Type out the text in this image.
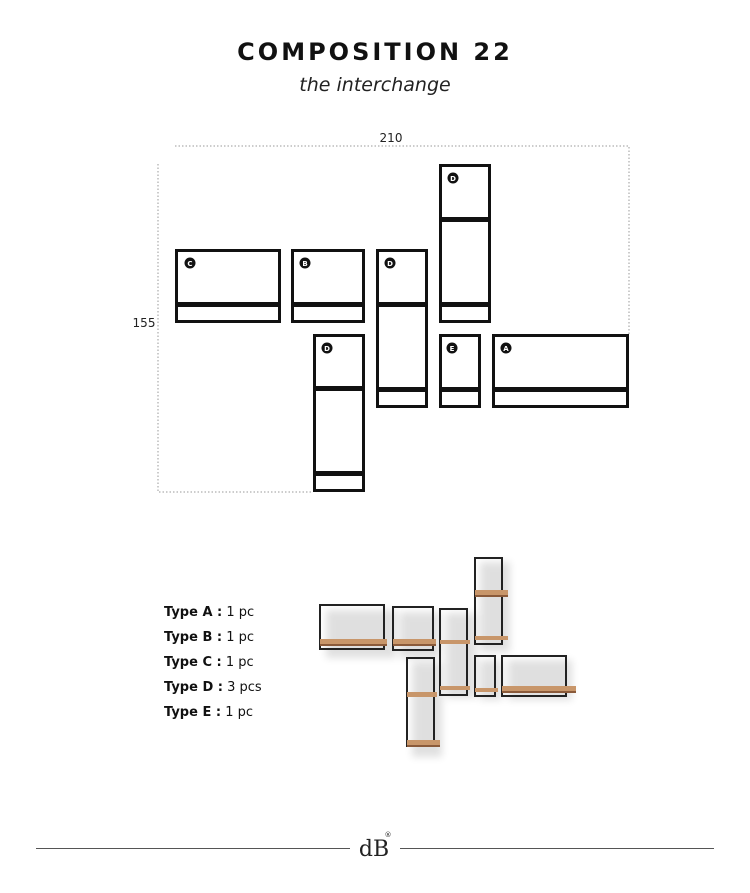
COMPOSITION 22
the interchange
210
155
C	B	D
D
D	E	A
Type A : 1 pc
Type B : 1 pc
Type C : 1 pc
Type D : 3 pcs
Type E : 1 pc
dB
®
